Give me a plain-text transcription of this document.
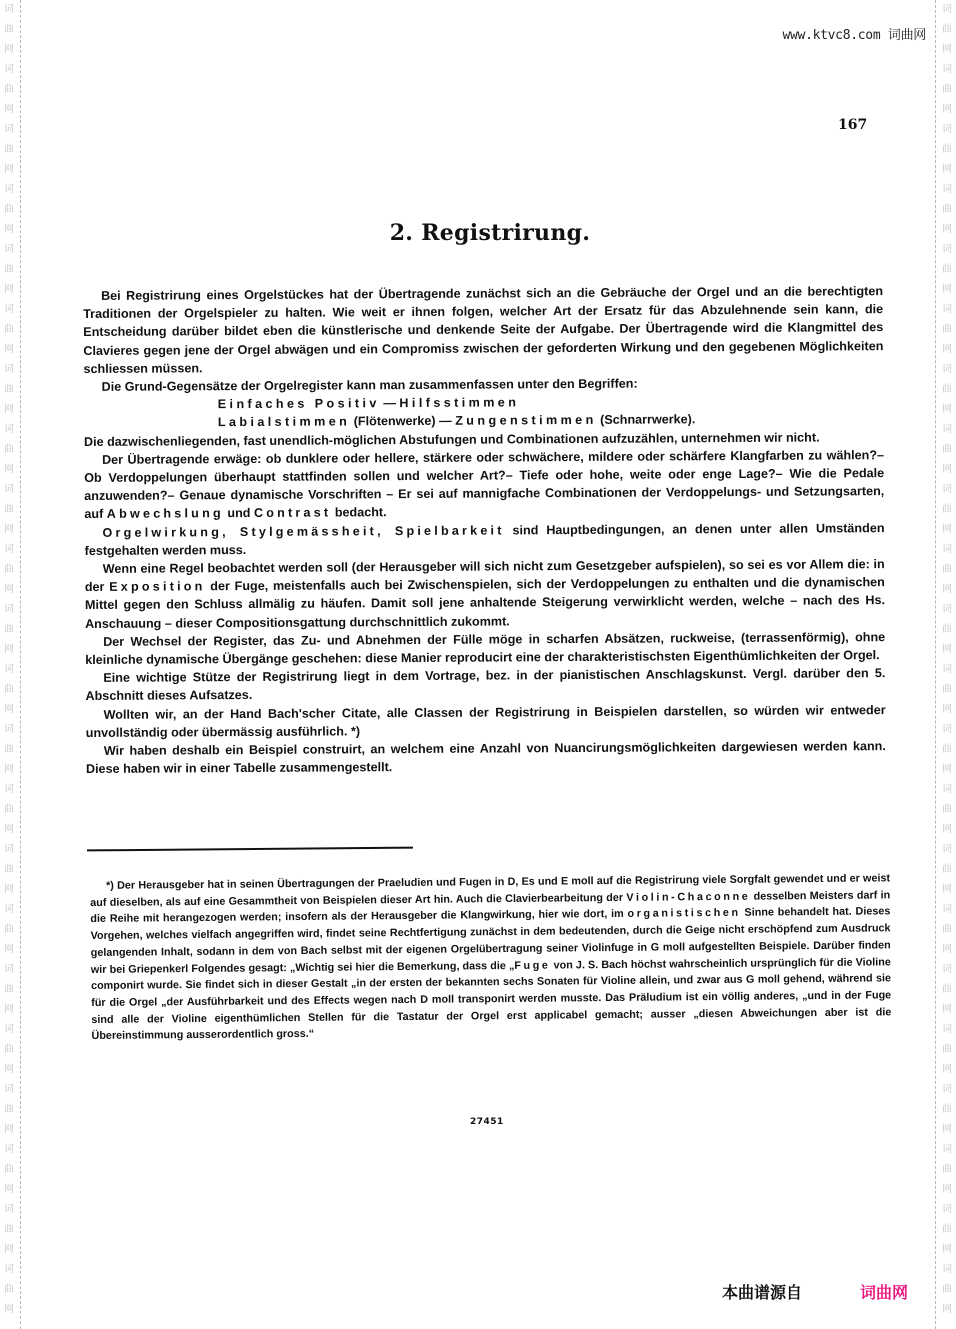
词
曲
网
词
曲
网
词
曲
网
词
曲
网
词
曲
网
词
曲
网
词
曲
网
词
曲
网
词
曲
网
词
曲
网
词
曲
网
词
曲
网
词
曲
网
词
曲
网
词
曲
网
词
曲
网
词
曲
网
词
曲
网
词
曲
网
词
曲
网
词
曲
网
词
曲
网
词
曲
网
词
曲
网
词
曲
网
词
曲
网
词
曲
网
词
曲
网
词
曲
网
词
曲
网
词
曲
网
词
曲
网
词
曲
网
词
曲
网
词
曲
网
词
曲
网
词
曲
网
词
曲
网
词
曲
网
词
曲
网
词
曲
网
词
曲
网
词
曲
网
词
曲
网
www.ktvc8.com 词曲网
167
2. Registrirung.

Bei Registrirung eines Orgelstückes hat der Übertragende zunächst sich an die Gebräuche der Orgel und an die berechtigten Traditionen der Orgelspieler zu halten. Wie weit er ihnen folgen, welcher Art der Ersatz für das Abzulehnende sein kann, die Entscheidung darüber bildet eben die künstlerische und denkende Seite der Aufgabe. Der Übertragende wird die Klangmittel des Clavieres gegen jene der Orgel abwägen und ein Compromiss zwischen der geforderten Wirkung und den gegebenen Möglichkeiten schliessen müssen.

Die Grund-Gegensätze der Orgelregister kann man zusammenfassen unter den Begriffen:

Einfaches Positiv — Hilfsstimmen

Labialstimmen (Flötenwerke) — Zungenstimmen (Schnarrwerke).

Die dazwischenliegenden, fast unendlich-möglichen Abstufungen und Combinationen aufzuzählen, unternehmen wir nicht.

Der Übertragende erwäge: ob dunklere oder hellere, stärkere oder schwächere, mildere oder schärfere Klangfarben zu wählen?– Ob Verdoppelungen überhaupt stattfinden sollen und welcher Art?– Tiefe oder hohe, weite oder enge Lage?– Wie die Pedale anzuwenden?– Genaue dynamische Vorschriften – Er sei auf mannigfache Combinationen der Verdoppelungs- und Setzungsarten, auf Abwechslung und Contrast bedacht.

Orgelwirkung, Stylgemässheit, Spielbarkeit sind Hauptbedingungen, an denen unter allen Umständen festgehalten werden muss.

Wenn eine Regel beobachtet werden soll (der Herausgeber will sich nicht zum Gesetzgeber aufspielen), so sei es vor Allem die: in der Exposition der Fuge, meistenfalls auch bei Zwischenspielen, sich der Verdoppelungen zu enthalten und die dynamischen Mittel gegen den Schluss allmälig zu häufen. Damit soll jene anhaltende Steigerung verwirklicht werden, welche – nach des Hs. Anschauung – dieser Compositionsgattung durchschnittlich zukommt.

Der Wechsel der Register, das Zu- und Abnehmen der Fülle möge in scharfen Absätzen, ruckweise, (terrassenförmig), ohne kleinliche dynamische Übergänge geschehen: diese Manier reproducirt eine der charakteristischsten Eigenthümlichkeiten der Orgel.

Eine wichtige Stütze der Registrirung liegt in dem Vortrage, bez. in der pianistischen Anschlagskunst. Vergl. darüber den 5. Abschnitt dieses Aufsatzes.

Wollten wir, an der Hand Bach'scher Citate, alle Classen der Registrirung in Beispielen darstellen, so würden wir entweder unvollständig oder übermässig ausführlich. *)

Wir haben deshalb ein Beispiel construirt, an welchem eine Anzahl von Nuancirungsmöglichkeiten dargewiesen werden kann. Diese haben wir in einer Tabelle zusammengestellt.

*) Der Herausgeber hat in seinen Übertragungen der Praeludien und Fugen in D, Es und E moll auf die Registrirung viele Sorgfalt gewendet und er weist auf dieselben, als auf eine Gesammtheit von Beispielen dieser Art hin. Auch die Clavierbearbeitung der Violin-Chaconne desselben Meisters darf in die Reihe mit herangezogen werden; insofern als der Herausgeber die Klangwirkung, hier wie dort, im organistischen Sinne behandelt hat. Dieses Vorgehen, welches vielfach angegriffen wird, findet seine Rechtfertigung zunächst in dem bedeutenden, durch die Geige nicht erschöpfend zum Ausdruck gelangenden Inhalt, sodann in dem von Bach selbst mit der eigenen Orgelübertragung seiner Violinfuge in G moll aufgestellten Beispiele. Darüber finden wir bei Griepenkerl Folgendes gesagt: „Wichtig sei hier die Bemerkung, dass die „Fuge von J. S. Bach höchst wahrscheinlich ursprünglich für die Violine componirt wurde. Sie findet sich in dieser Gestalt „in der ersten der bekannten sechs Sonaten für Violine allein, und zwar aus G moll gehend, während sie für die Orgel „der Ausführbarkeit und des Effects wegen nach D moll transponirt werden musste. Das Präludium ist ein völlig anderes, „und in der Fuge sind alle der Violine eigenthümlichen Stellen für die Tastatur der Orgel erst applicabel gemacht; ausser „diesen Abweichungen aber ist die Übereinstimmung ausserordentlich gross.“

27451
本曲谱源自	词曲网
